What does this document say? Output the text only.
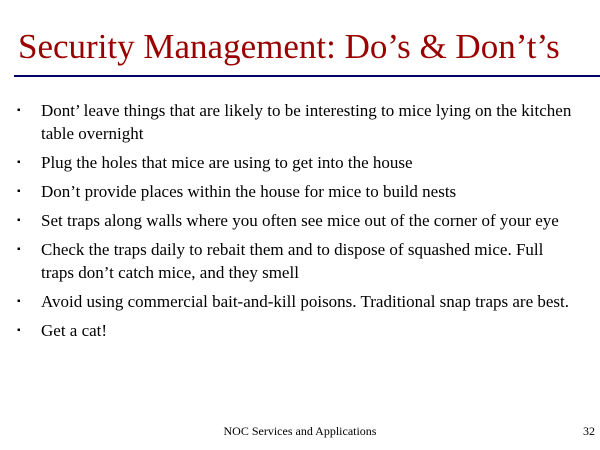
Security Management: Do’s & Don’t’s
▪	Dont’ leave things that are likely to be interesting to mice lying on the kitchen table overnight
▪	Plug the holes that mice are using to get into the house
▪	Don’t provide places within the house for mice to build nests
▪	Set traps along walls where you often see mice out of the corner of your eye
▪	Check the traps daily to rebait them and to dispose of squashed mice. Full traps don’t catch mice, and they smell
▪	Avoid using commercial bait-and-kill poisons. Traditional snap traps are best.
▪	Get a cat!
NOC Services and Applications	32
